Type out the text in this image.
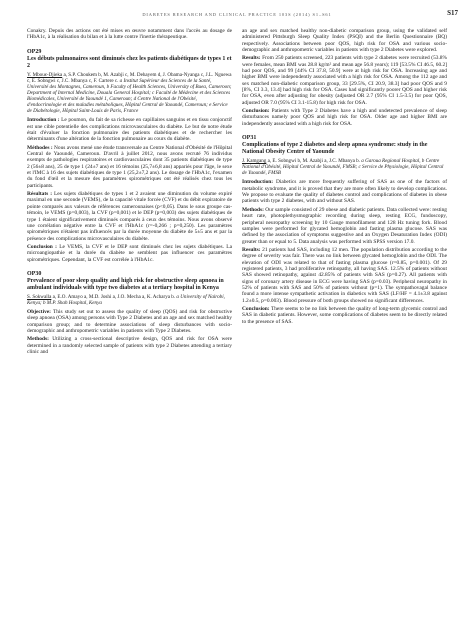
DIABETES RESEARCH AND CLINICAL PRACTICE 103S (2014) S1–S61	S17

Conakry. Depuis des actions ont été mises en œuvre notamment dans l'accès au dosage de l'HbA1c, à la réalisation du bilan et à la lutte contre l'inertie thérapeutique.

OP29
Les débuts pulmonaires sont diminués chez les patients diabétiques de types 1 et 2
Y. Mbouє-Djieka a, S.P. Choukem b, M. Azabji c, M. Dehayem d, J. Obama-Nyanga c, J.L. Nguewa c, E. Sobngwi c, J.C. Mbanya c, F. Cartere c. a Institut Supérieur des Sciences de la Santé, Université des Montagnes, Cameroun, b Faculty of Health Sciences, University of Buea, Cameroon; Department of Internal Medicine, Douala General Hospital; c Faculté de Médecine et des Sciences Biomédicales, Université de Yaoundé 1, Cameroun; d Centre National de l'Obésité, d'endocrinologie et des maladies métaboliques, Hôpital Central de Yaoundé, Cameroun; e Service de Diabétologie, Hôpital Saint-Louis de Paris, France

Introduction : Le poumon, du fait de sa richesse en capillaires sanguins et en tissu conjonctif est une cible potentielle des complications microvasculaires du diabète. Le but de notre étude était d'évaluer la fonction pulmonaire des patients diabétiques et de rechercher les déterminants d'une altération de la fonction pulmonaire au cours du diabète.

Méthodes : Nous avons mené une étude transversale au Centre National d'Obésité de l'Hôpital Central de Yaoundé, Cameroun. D'avril à juillet 2012, nous avons recruté 76 individus exempts de pathologies respiratoires et cardiovasculaires dont 35 patients diabétiques de type 2 (56±8 ans), 25 de type 1 (24±7 ans) et 16 témoins (25,7±6,8 ans) appariés pour l'âge, le sexe et l'IMC à 16 des sujets diabétiques de type 1 (25,2±7,2 ans). Le dosage de l'HbA1c, l'examen du fond d'œil et la mesure des paramètres spirométriques ont été réalisés chez tous les participants.

Résultats : Les sujets diabétiques de types 1 et 2 avaient une diminution du volume expiré maximal en une seconde (VEMS), de la capacité vitale forcée (CVF) et du débit expiratoire de pointe comparés aux valeurs de références camerounaises (p<0,05). Dans le sous groupe cas-témoin, le VEMS (p=0,003), la CVF (p=0,001) et le DEP (p=0,003) des sujets diabétiques de type 1 étaient significativement diminués comparés à ceux des témoins. Nous avons observé une corrélation négative entre la CVF et l'HbA1c (r=-0,266 ; p=0,250). Les paramètres spirométriques n'étaient pas influencés par la durée moyenne du diabète de 5±5 ans et par la présence des complications microvasculaires du diabète.

Conclusion : Le VEMS, la CVF et le DEP sont diminués chez les sujets diabétiques. La microangiopathie et la durée du diabète ne semblent pas influencer ces paramètres spirométriques. Cependant, la CVF est corrélée à l'HbA1c.

OP30
Prevalence of poor sleep quality and high risk for obstructive sleep apnoea in ambulant individuals with type two diabetes at a tertiary hospital in Kenya
S. Sokwalla a, E.O. Amayo a, M.D. Joshi a, J.O. Mecha a, K. Acharya b. a University of Nairobi, Kenya; b M.P. Shah Hospital, Kenya

Objective: This study set out to assess the quality of sleep (QOS) and risk for obstructive sleep apnoea (OSA) among persons with Type 2 Diabetes and an age and sex matched healthy comparison group; and to determine associations of sleep disturbances with socio-demographic and anthropometric variables in patients with Type 2 Diabetes.

Methods: Utilizing a cross-sectional descriptive design, QOS and risk for OSA were determined in a randomly selected sample of patients with type 2 Diabetes attending a tertiary clinic and

an age and sex matched healthy non-diabetic comparison group, using the validated self administered Pittsburgh Sleep Quality Index (PSQI) and the Berlin Questionnaire (BQ) respectively. Associations between poor QOS, high risk for OSA and various socio-demographic and anthropometric variables in patients with type 2 Diabetes were explored.

Results: From 250 patients screened, 223 patients with type 2 diabetes were recruited (53.8% were females, mean BMI was 28.8 kg/m² and mean age 56.8 years); 119 [53.5% CI 46.5, 60.2] had poor QOS, and 99 [44% CI 37.8, 50.9] were at high risk for OSA. Increasing age and higher BMI were independently associated with a high risk for OSA. Among the 112 age and sex matched non-diabetic comparison group, 33 [29.5%, CI 20.9, 38.3] had poor QOS and 9 [8%, CI 3.3, 13.4] had high risk for OSA. Cases had significantly poorer QOS and higher risk for OSA, even after adjusting for obesity (adjusted OR 2.7 (95% CI 1.5-3.5) for poor QOS, adjusted OR 7.0 (95% CI 3.1-15.8) for high risk for OSA.

Conclusion: Patients with Type 2 Diabetes have a high and undetected prevalence of sleep disturbances namely poor QOS and high risk for OSA. Older age and higher BMI are independently associated with a high risk for OSA.

OP31
Complications of type 2 diabetes and sleep apnea syndrome: study in the National Obesity Centre of Yaounde
J. Kamgang a, E. Sobngwi b, M. Azabji a, J.C. Mbanya b. a Garoua Regional Hospital, b Centre National d'Obésité, Hôpital Central de Yaoundé, FMSB; c Service de Physiologie, Hôpital Central de Yaoundé, FMSB

Introduction: Diabetics are more frequently suffering of SAS as one of the factors of metabolic syndrome, and it is proved that they are more often likely to develop complications. We propose to evaluate the quality of diabetes control and complications of diabetes in obese patients with type 2 diabetes, with and without SAS.

Methods: Our sample consisted of 29 obese and diabetic patients. Data collected were: resting heart rate, photoplethysmographic recording during sleep, resting ECG, fundoscopy, peripheral neuropathy screening by 10 Gauge monofilament and 128 Hz tuning fork. Blood samples were performed for glycated hemoglobin and fasting plasma glucose. SAS was defined by the association of symptoms suggestive and an Oxygen Desaturation Index (ODI) greater than or equal to 5. Data analysis was performed with SPSS version 17.0.

Results: 21 patients had SAS, including 12 men. The population distribution according to the degree of severity was fair. There was no link between glycated hemoglobin and the ODI. The elevation of ODI was related to that of fasting plasma glucose (r=0.85, p=0.001). Of 29 registered patients, 3 had proliferative retinopathy, all having SAS. 12.5% of patients without SAS showed retinopathy, against 42.85% of patients with SAS (p=0.27). All patients with signs of coronary artery disease in ECG were having SAS (p=0.03). Peripheral neuropathy in 52% of patients with SAS and 50% of patients without (p=1). The sympathovagal balance found a more intense sympathetic activation in diabetics with SAS (LF/HF = 4.1±3.8 against 1.2±0.5, p=0.003). Blood pressure of both groups showed no significant differences.

Conclusion: There seems to be no link between the quality of long-term glycemic control and SAS in diabetic patients. However, some complications of diabetes seem to be directly related to the presence of SAS.
